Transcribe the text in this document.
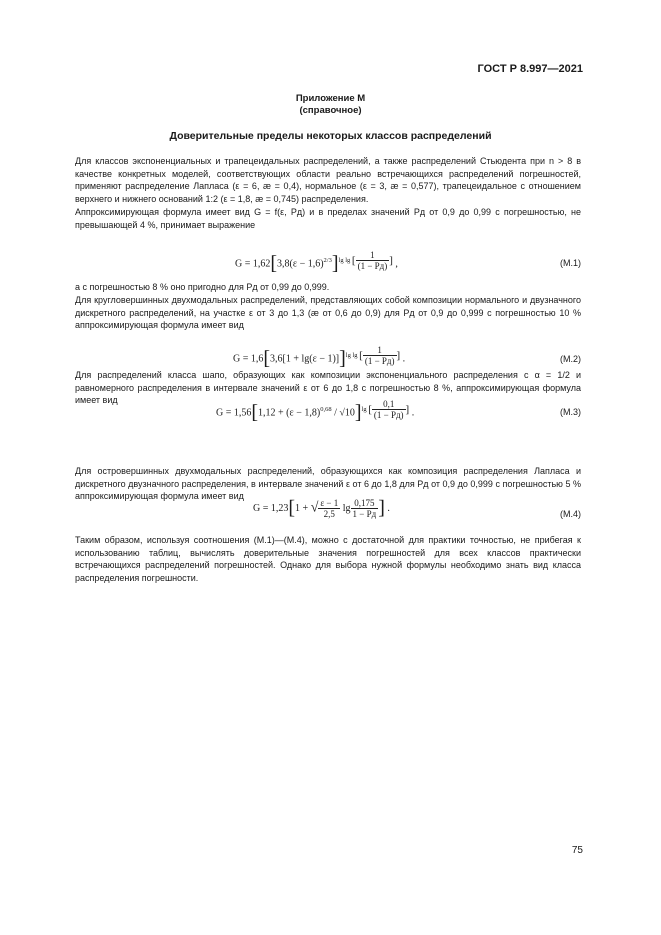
ГОСТ Р 8.997—2021
Приложение М
(справочное)
Доверительные пределы некоторых классов распределений
Для классов экспоненциальных и трапецеидальных распределений, а также распределений Стьюдента при n > 8 в качестве конкретных моделей, соответствующих области реально встречающихся распределений погрешностей, применяют распределение Лапласа (ε = 6, æ = 0,4), нормальное (ε = 3, æ = 0,577), трапецеидальное с отношением верхнего и нижнего оснований 1:2 (ε = 1,8, æ = 0,745) распределения.
Аппроксимирующая формула имеет вид G = f(ε, Pд) и в пределах значений Pд от 0,9 до 0,99 с погрешностью, не превышающей 4 %, принимает выражение
$G = 1,62[3,8(\varepsilon - 1,6)^{2/3}]^{lg lg [ \frac{1}{(1 - Pд)} ]}$ ,	(М.1)
а с погрешностью 8 % оно пригодно для Pд от 0,99 до 0,999.
Для кругловершинных двухмодальных распределений, представляющих собой композиции нормального и двузначного дискретного распределений, на участке ε от 3 до 1,3 (æ от 0,6 до 0,9) для Pд от 0,9 до 0,999 с погрешностью 10 % аппроксимирующая формула имеет вид
$G = 1,6[3,6[1 + \lg(\varepsilon - 1)]]^{lg lg [ \frac{1}{(1 - Pд)} ]}$ .	(М.2)
Для распределений класса шапо, образующих как композиции экспоненциального распределения с α = 1/2 и равномерного распределения в интервале значений ε от 6 до 1,8 с погрешностью 8 %, аппроксимирующая формула имеет вид
$G = 1,56[1,12 + (\varepsilon - 1,8)^{0,68} / √10]^{lg [ \frac{0,1}{(1 - Pд)} ]}$ .	(М.3)
Для островершинных двухмодальных распределений, образующихся как композиция распределения Лапласа и дискретного двузначного распределения, в интервале значений ε от 6 до 1,8 для Pд от 0,9 до 0,999 с погрешностью 5 % аппроксимирующая формула имеет вид
G = 1,23[1 + √ $\frac{\varepsilon - 1}{2,5}$ $\lg \frac{0,175}{1 - Pд}$ ] .
(М.4)
Таким образом, используя соотношения (М.1)—(М.4), можно с достаточной для практики точностью, не прибегая к использованию таблиц, вычислять доверительные значения погрешностей для всех классов практически встречающихся распределений погрешностей. Однако для выбора нужной формулы необходимо знать вид класса распределения погрешности.
75
